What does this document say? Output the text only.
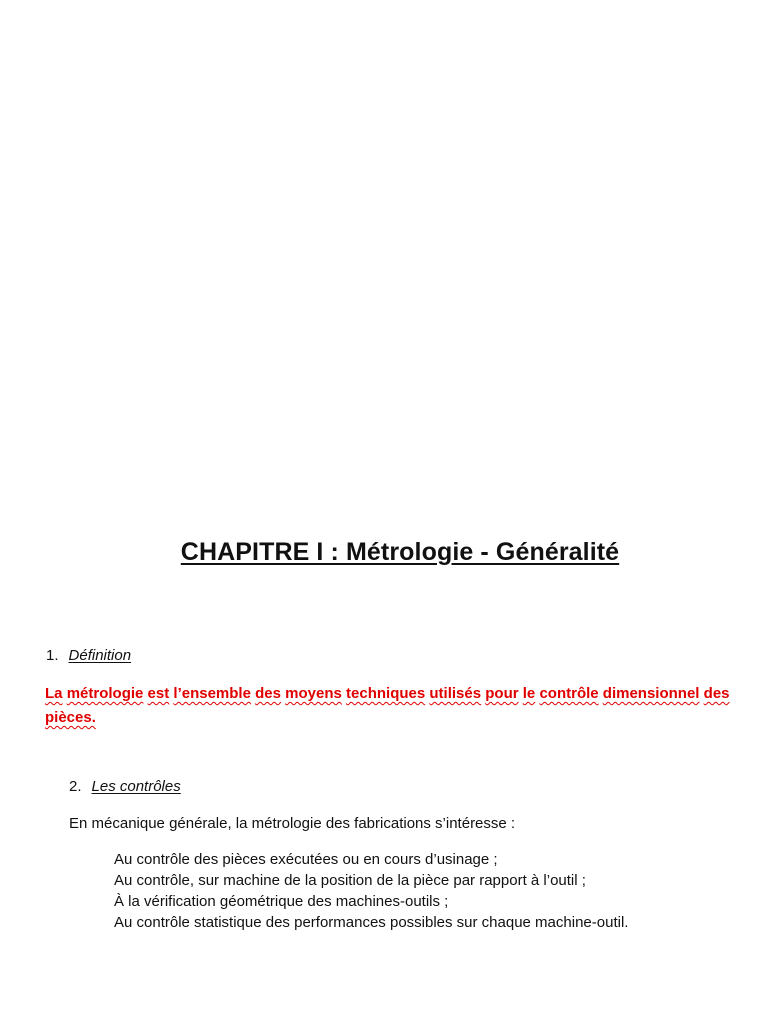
CHAPITRE I : Métrologie - Généralité
1. Définition

La métrologie est l’ensemble des moyens techniques utilisés pour le contrôle dimensionnel des pièces.

2. Les contrôles

En mécanique générale, la métrologie des fabrications s’intéresse :

Au contrôle des pièces exécutées ou en cours d’usinage ;
Au contrôle, sur machine de la position de la pièce par rapport à l’outil ;
À la vérification géométrique des machines-outils ;
Au contrôle statistique des performances possibles sur chaque machine-outil.
